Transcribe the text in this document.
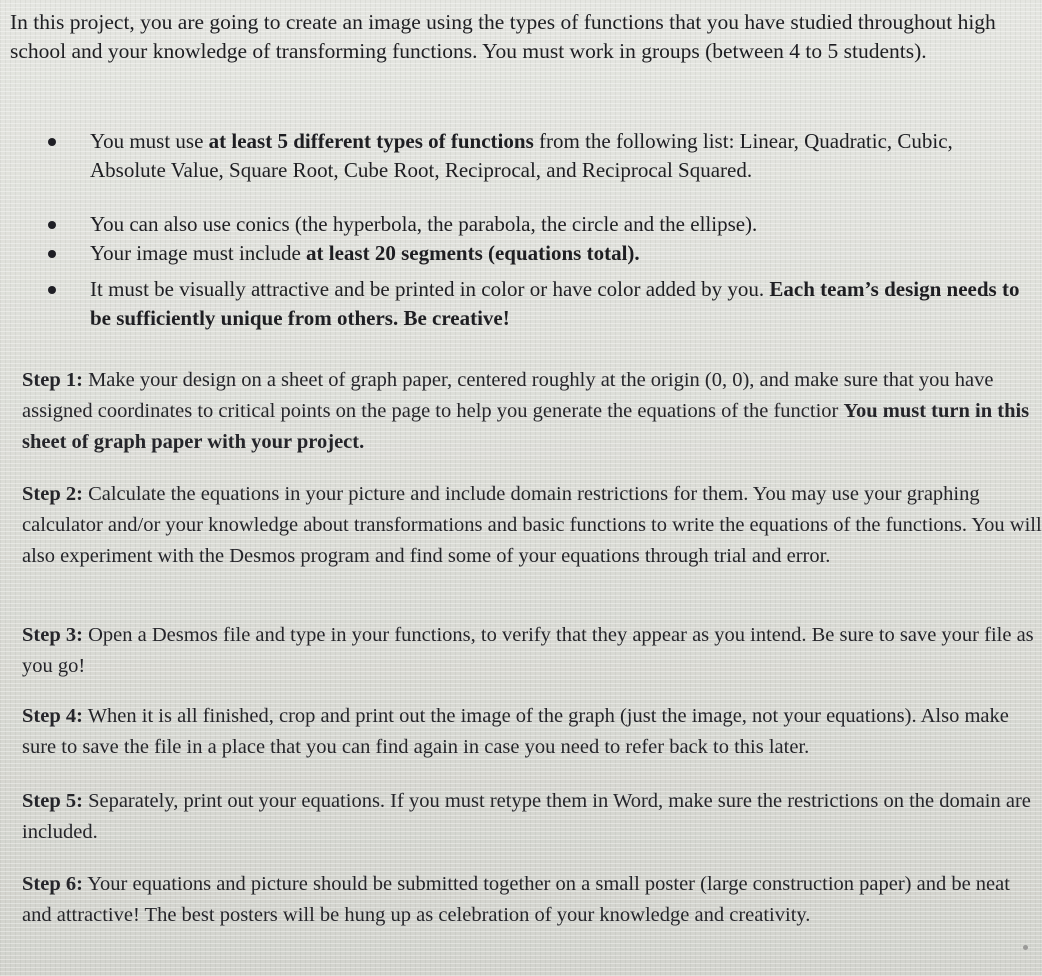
In this project, you are going to create an image using the types of functions that you have studied throughout high school and your knowledge of transforming functions. You must work in groups (between 4 to 5 students).

You must use at least 5 different types of functions from the following list: Linear, Quadratic, Cubic, Absolute Value, Square Root, Cube Root, Reciprocal, and Reciprocal Squared.
You can also use conics (the hyperbola, the parabola, the circle and the ellipse).
Your image must include at least 20 segments (equations total).
It must be visually attractive and be printed in color or have color added by you. Each team’s design needs to be sufficiently unique from others. Be creative!

Step 1: Make your design on a sheet of graph paper, centered roughly at the origin (0, 0), and make sure that you have assigned coordinates to critical points on the page to help you generate the equations of the functior You must turn in this sheet of graph paper with your project.

Step 2: Calculate the equations in your picture and include domain restrictions for them. You may use your graphing calculator and/or your knowledge about transformations and basic functions to write the equations of the functions. You will also experiment with the Desmos program and find some of your equations through trial and error.

Step 3: Open a Desmos file and type in your functions, to verify that they appear as you intend. Be sure to save your file as you go!

Step 4: When it is all finished, crop and print out the image of the graph (just the image, not your equations). Also make sure to save the file in a place that you can find again in case you need to refer back to this later.

Step 5: Separately, print out your equations. If you must retype them in Word, make sure the restrictions on the domain are included.

Step 6: Your equations and picture should be submitted together on a small poster (large construction paper) and be neat and attractive! The best posters will be hung up as celebration of your knowledge and creativity.
